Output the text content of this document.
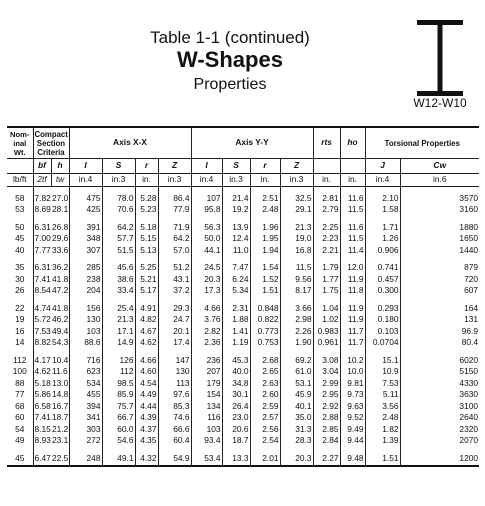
Table 1-1 (continued)
W-Shapes
Properties
W12-W10
Nom-inal Wt.	Compact Section Criteria		Axis X-X				Axis Y-Y				rts	ho	Torsional Properties	
	bf	h	I	S	r	Z	I	S	r	Z			J	Cw
lb/ft	2tf	tw	in.4	in.3	in.	in.3	in.4	in.3	in.	in.3	in.	in.	in.4	in.6

58	7.82	27.0	475	78.0	5.28	86.4	107	21.4	2.51	32.5	2.81	11.6	2.10	3570
53	8.69	28.1	425	70.6	5.23	77.9	95.8	19.2	2.48	29.1	2.79	11.5	1.58	3160

50	6.31	26.8	391	64.2	5.18	71.9	56.3	13.9	1.96	21.3	2.25	11.6	1.71	1880
45	7.00	29.6	348	57.7	5.15	64.2	50.0	12.4	1.95	19.0	2.23	11.5	1.26	1650
40	7.77	33.6	307	51.5	5.13	57.0	44.1	11.0	1.94	16.8	2.21	11.4	0.906	1440

35	6.31	36.2	285	45.6	5.25	51.2	24.5	7.47	1.54	11.5	1.79	12.0	0.741	879
30	7.41	41.8	238	38.6	5.21	43.1	20.3	6.24	1.52	9.56	1.77	11.9	0.457	720
26	8.54	47.2	204	33.4	5.17	37.2	17.3	5.34	1.51	8.17	1.75	11.8	0.300	607

22	4.74	41.8	156	25.4	4.91	29.3	4.66	2.31	0.848	3.66	1.04	11.9	0.293	164
19	5.72	46.2	130	21.3	4.82	24.7	3.76	1.88	0.822	2.98	1.02	11.9	0.180	131
16	7.53	49.4	103	17.1	4.67	20.1	2.82	1.41	0.773	2.26	0.983	11.7	0.103	96.9
14	8.82	54.3	88.6	14.9	4.62	17.4	2.36	1.19	0.753	1.90	0.961	11.7	0.0704	80.4

112	4.17	10.4	716	126	4.66	147	236	45.3	2.68	69.2	3.08	10.2	15.1	6020
100	4.62	11.6	623	112	4.60	130	207	40.0	2.65	61.0	3.04	10.0	10.9	5150
88	5.18	13.0	534	98.5	4.54	113	179	34.8	2.63	53.1	2.99	9.81	7.53	4330
77	5.86	14.8	455	85.9	4.49	97.6	154	30.1	2.60	45.9	2.95	9.73	5.11	3630
68	6.58	16.7	394	75.7	4.44	85.3	134	26.4	2.59	40.1	2.92	9.63	3.56	3100
60	7.41	18.7	341	66.7	4.39	74.6	116	23.0	2.57	35.0	2.88	9.52	2.48	2640
54	8.15	21.2	303	60.0	4.37	66.6	103	20.6	2.56	31.3	2.85	9.49	1.82	2320
49	8.93	23.1	272	54.6	4.35	60.4	93.4	18.7	2.54	28.3	2.84	9.44	1.39	2070

45	6.47	22.5	248	49.1	4.32	54.9	53.4	13.3	2.01	20.3	2.27	9.48	1.51	1200
